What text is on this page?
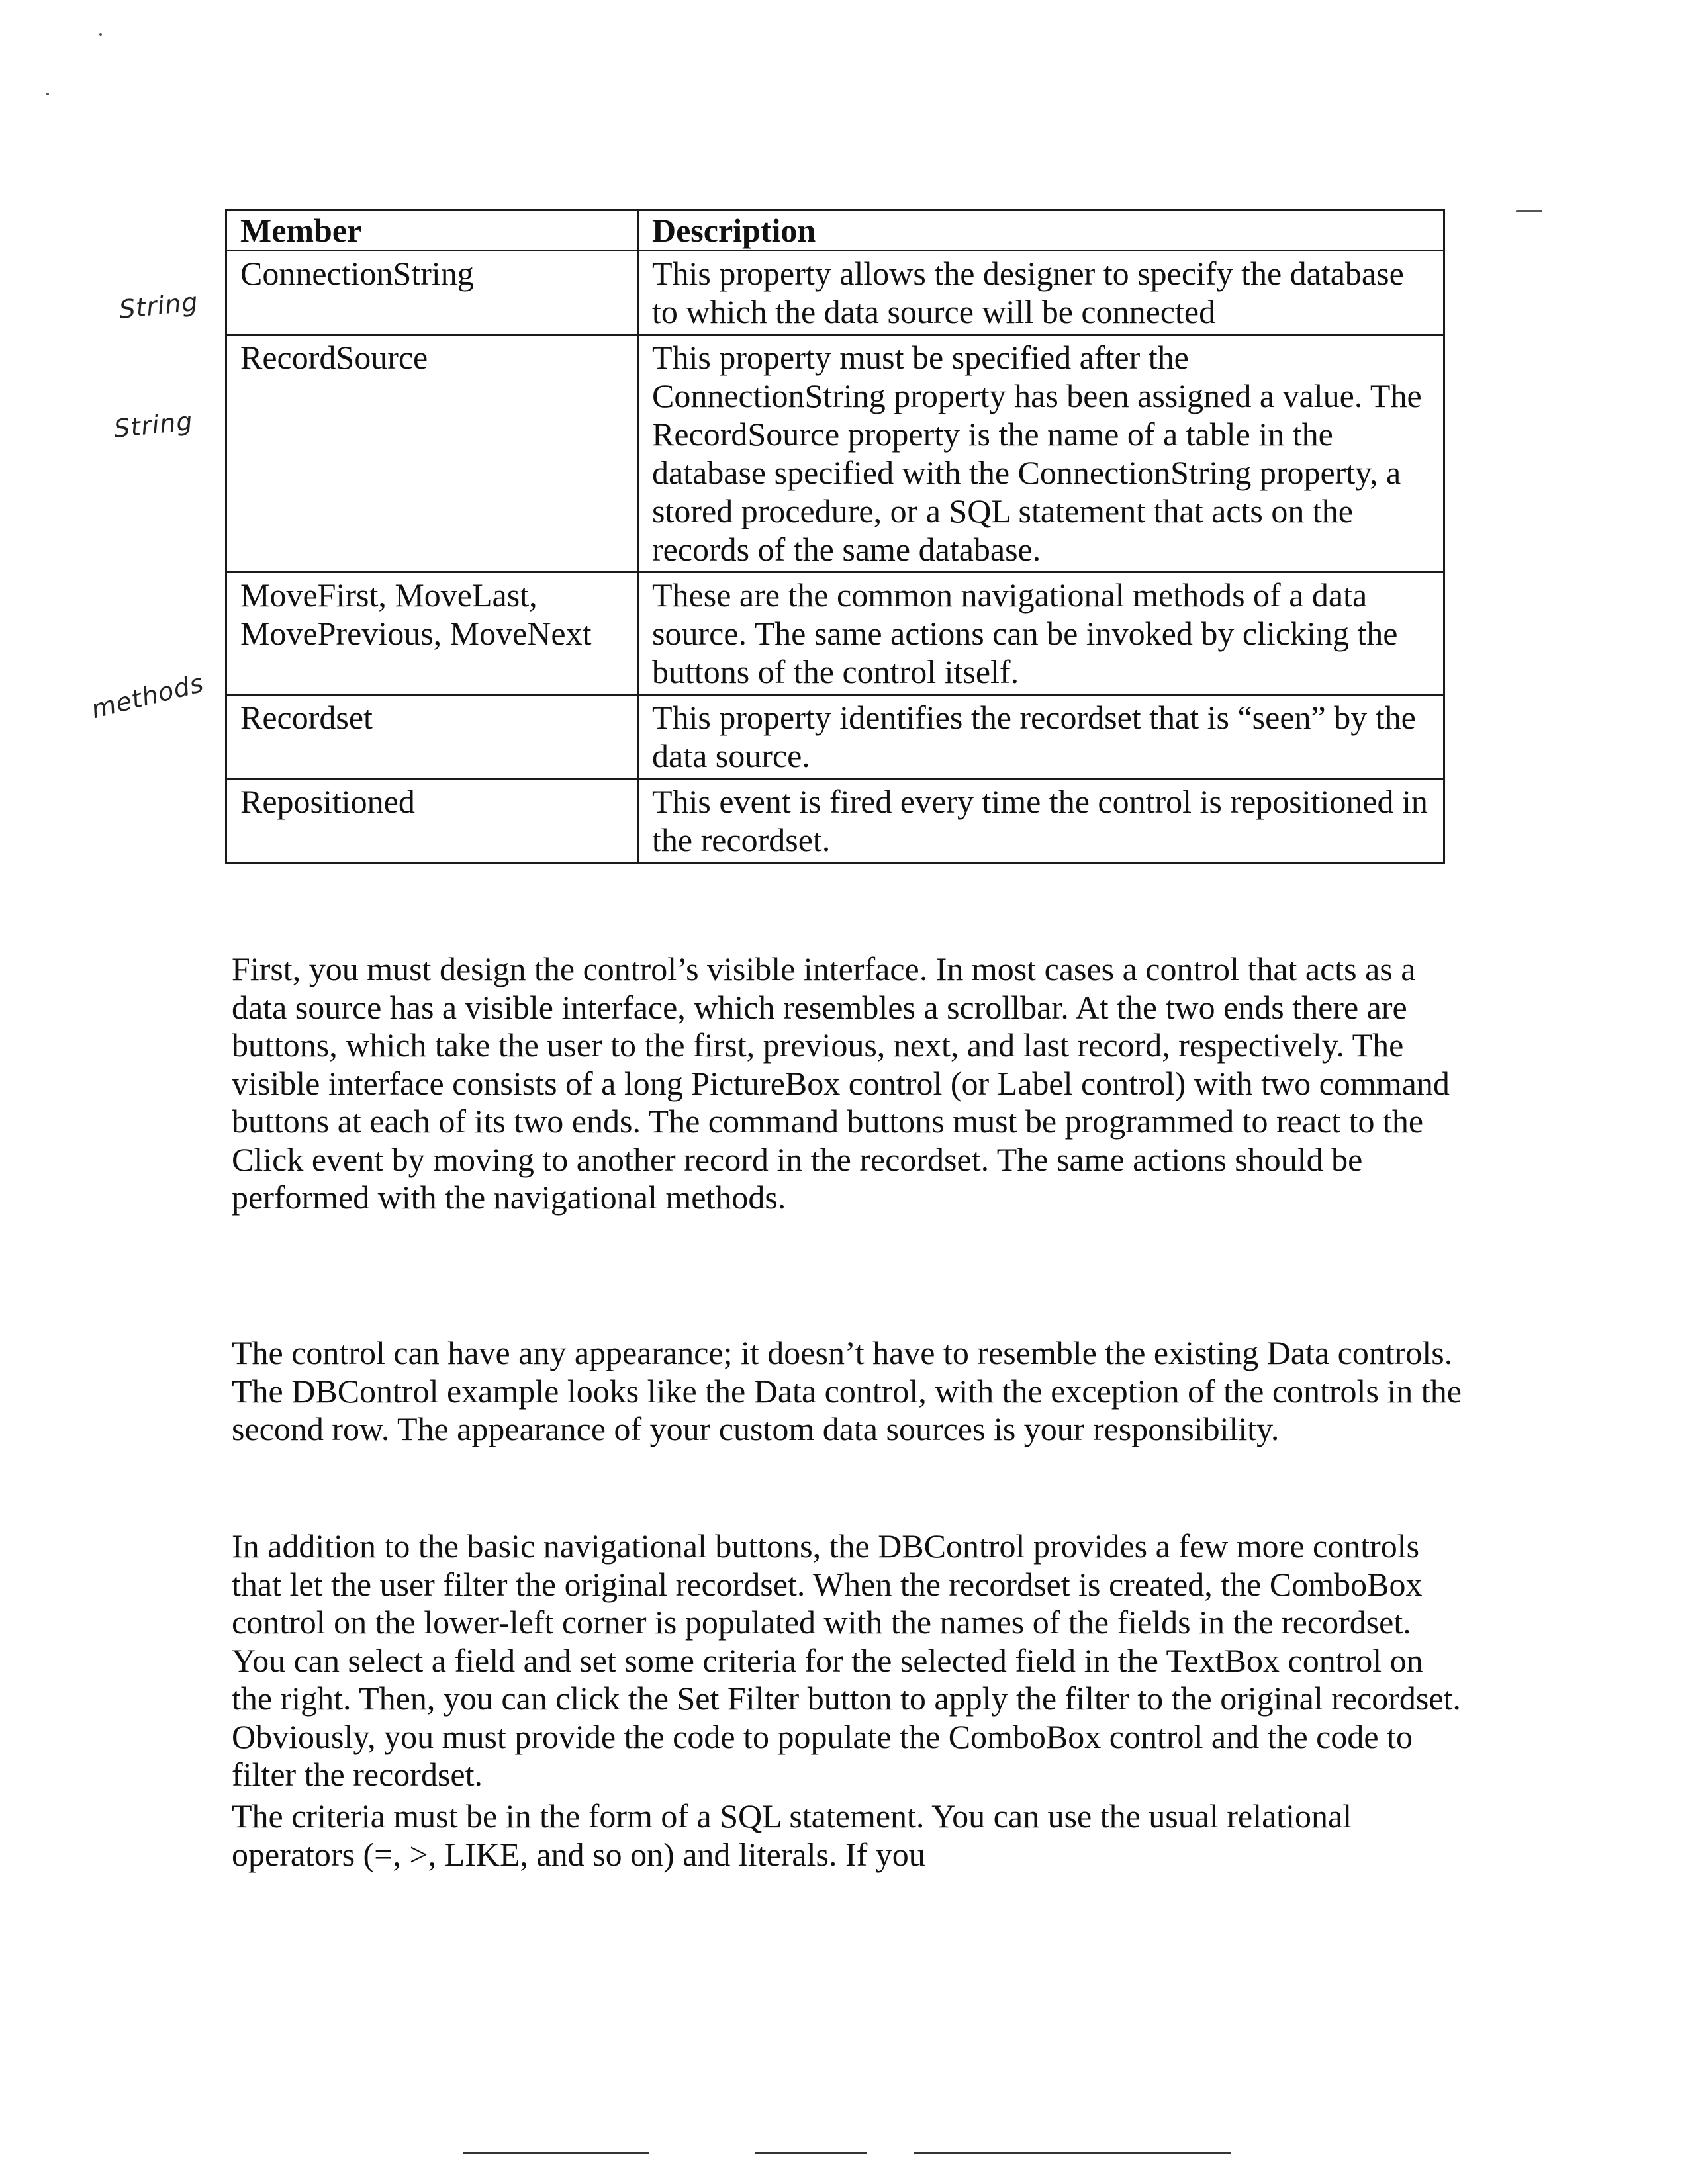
String
String
methods
Member	Description
ConnectionString	This property allows the designer to specify the database to which the data source will be connected
RecordSource	This property must be specified after the ConnectionString property has been assigned a value. The RecordSource property is the name of a table in the database specified with the ConnectionString property, a stored procedure, or a SQL statement that acts on the records of the same database.
MoveFirst, MoveLast, MovePrevious, MoveNext	These are the common navigational methods of a data source. The same actions can be invoked by clicking the buttons of the control itself.
Recordset	This property identifies the recordset that is “seen” by the data source.
Repositioned	This event is fired every time the control is repositioned in the recordset.

First, you must design the control’s visible interface. In most cases a control that acts as a data source has a visible interface, which resembles a scrollbar. At the two ends there are buttons, which take the user to the first, previous, next, and last record, respectively. The visible interface consists of a long PictureBox control (or Label control) with two command buttons at each of its two ends. The command buttons must be programmed to react to the Click event by moving to another record in the recordset. The same actions should be performed with the navigational methods.

The control can have any appearance; it doesn’t have to resemble the existing Data controls. The DBControl example looks like the Data control, with the exception of the controls in the second row. The appearance of your custom data sources is your responsibility.

In addition to the basic navigational buttons, the DBControl provides a few more controls that let the user filter the original recordset. When the recordset is created, the ComboBox control on the lower-left corner is populated with the names of the fields in the recordset. You can select a field and set some criteria for the selected field in the TextBox control on the right. Then, you can click the Set Filter button to apply the filter to the original recordset. Obviously, you must provide the code to populate the ComboBox control and the code to filter the recordset.

The criteria must be in the form of a SQL statement. You can use the usual relational operators (=, >, LIKE, and so on) and literals. If you
